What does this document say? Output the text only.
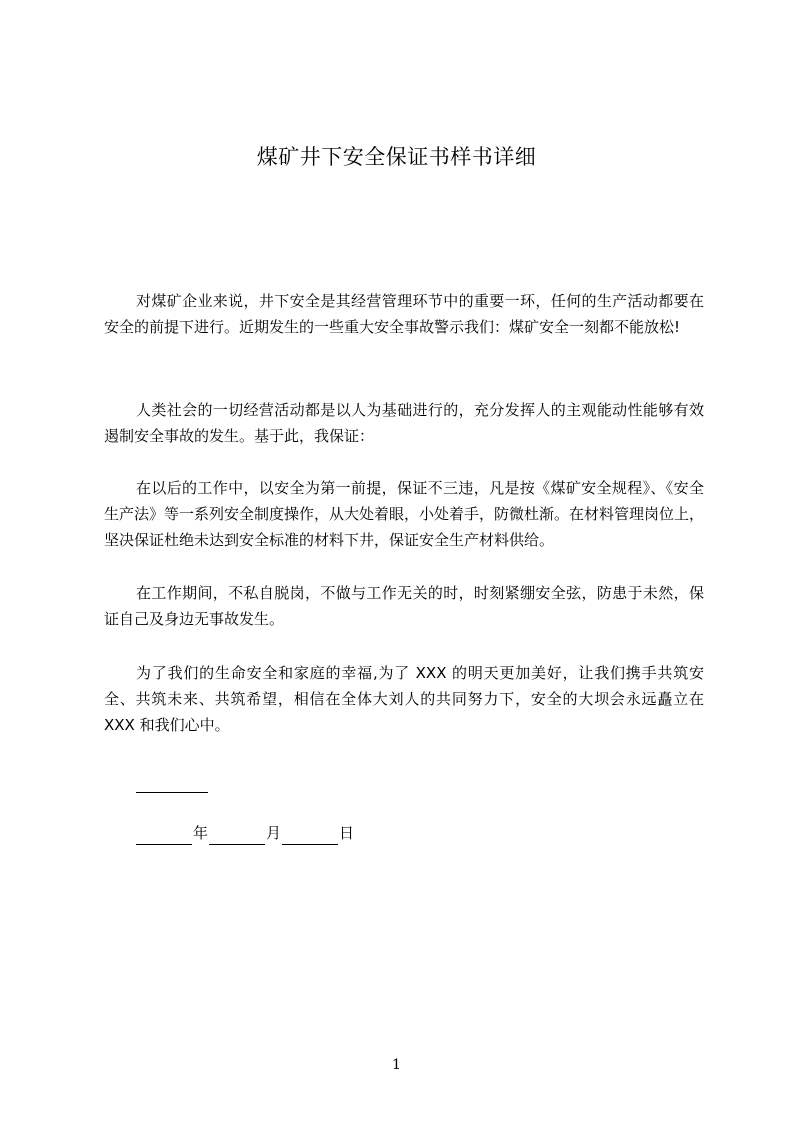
煤矿井下安全保证书样书详细

对煤矿企业来说，井下安全是其经营管理环节中的重要一环，任何的生产活动都要在安全的前提下进行。近期发生的一些重大安全事故警示我们：煤矿安全一刻都不能放松!

人类社会的一切经营活动都是以人为基础进行的，充分发挥人的主观能动性能够有效遏制安全事故的发生。基于此，我保证：

在以后的工作中，以安全为第一前提，保证不三违，凡是按《煤矿安全规程》、《安全生产法》等一系列安全制度操作，从大处着眼，小处着手，防微杜渐。在材料管理岗位上，坚决保证杜绝未达到安全标准的材料下井，保证安全生产材料供给。

在工作期间，不私自脱岗，不做与工作无关的时，时刻紧绷安全弦，防患于未然，保证自己及身边无事故发生。

为了我们的生命安全和家庭的幸福,为了 XXX 的明天更加美好，让我们携手共筑安全、共筑未来、共筑希望，相信在全体大刘人的共同努力下，安全的大坝会永远矗立在 XXX 和我们心中。

年	月	日

1
